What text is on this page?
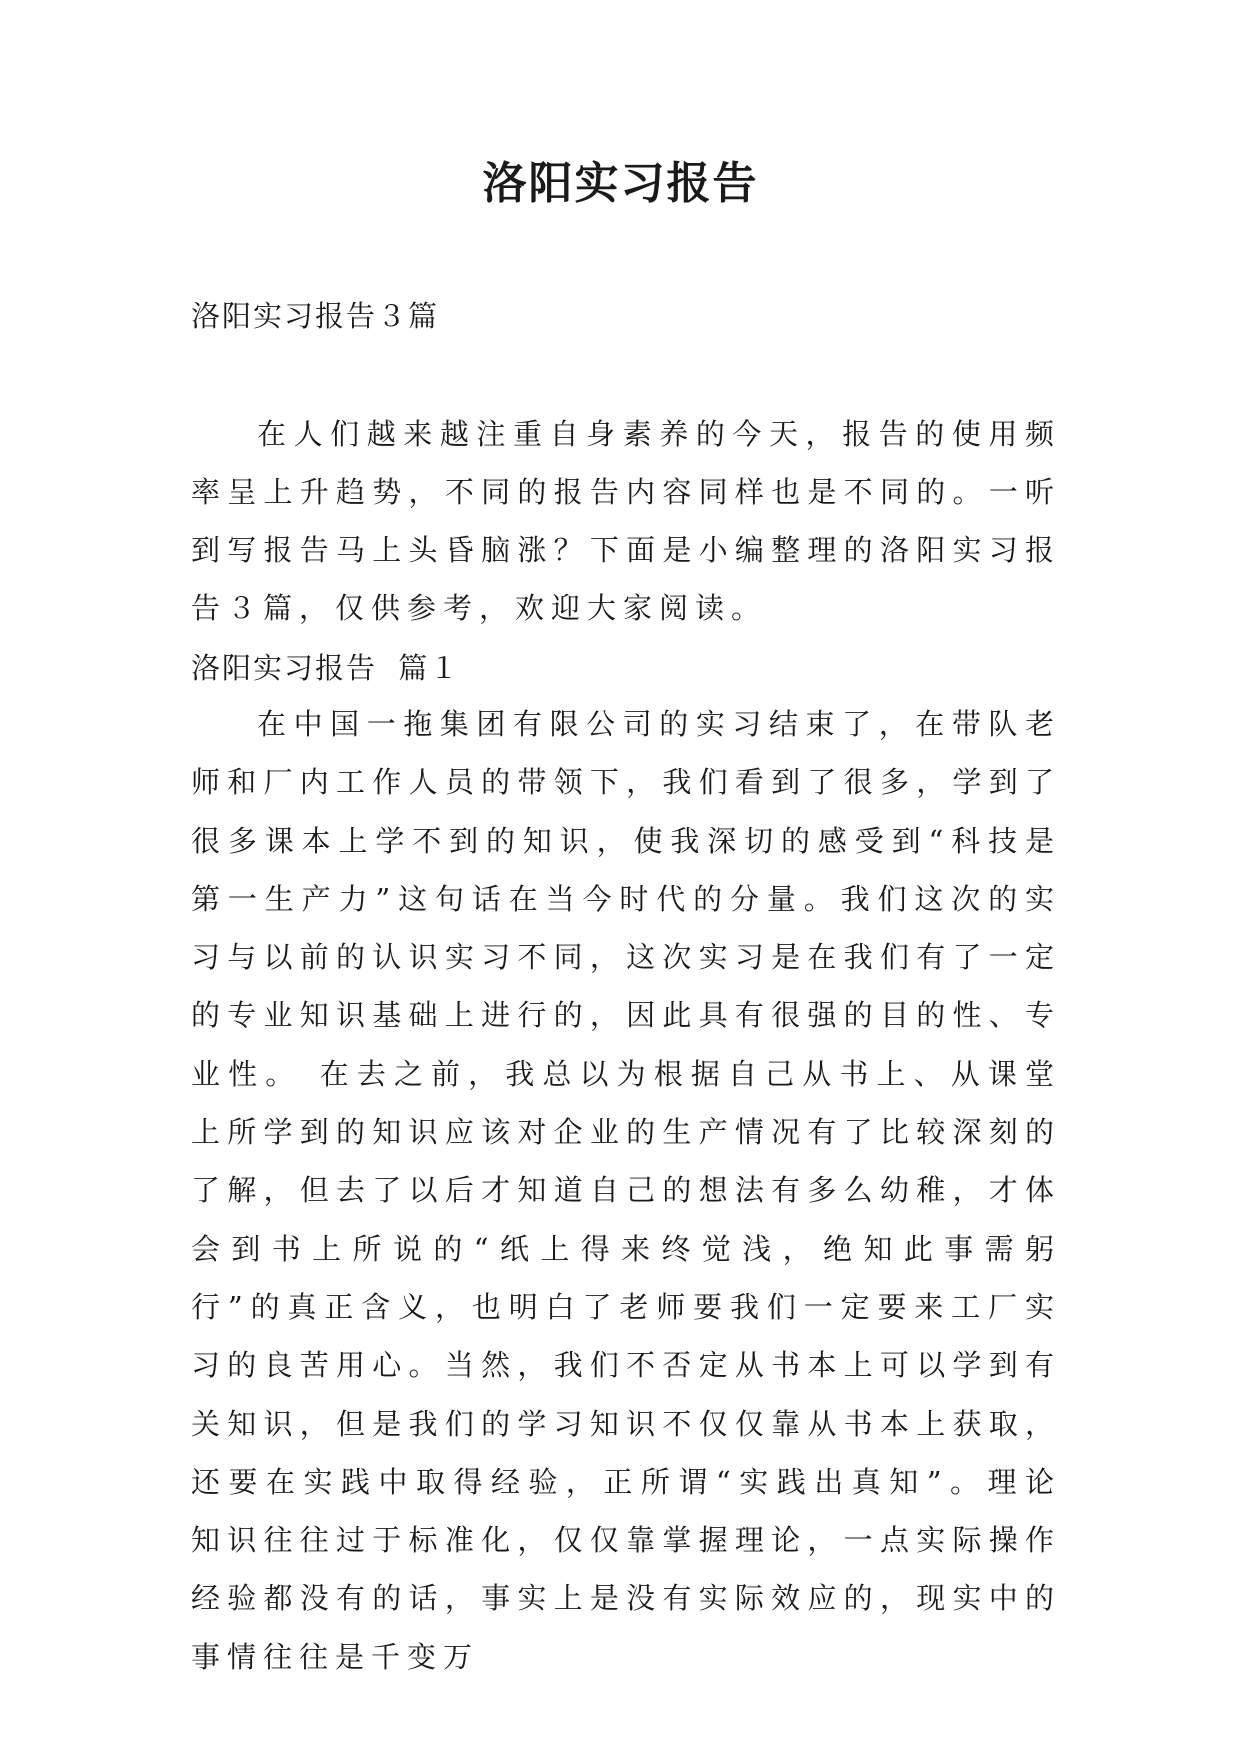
洛阳实习报告
洛阳实习报告３篇

在人们越来越注重自身素养的今天，报告的使用频率呈上升趋势，不同的报告内容同样也是不同的。一听到写报告马上头昏脑涨？下面是小编整理的洛阳实习报告３篇，仅供参考，欢迎大家阅读。

洛阳实习报告 篇１

在中国一拖集团有限公司的实习结束了，在带队老师和厂内工作人员的带领下，我们看到了很多，学到了很多课本上学不到的知识，使我深切的感受到“科技是第一生产力”这句话在当今时代的分量。我们这次的实习与以前的认识实习不同，这次实习是在我们有了一定的专业知识基础上进行的，因此具有很强的目的性、专业性。 在去之前，我总以为根据自己从书上、从课堂上所学到的知识应该对企业的生产情况有了比较深刻的了解，但去了以后才知道自己的想法有多么幼稚，才体会到书上所说的“纸上得来终觉浅，绝知此事需躬行”的真正含义，也明白了老师要我们一定要来工厂实习的良苦用心。当然，我们不否定从书本上可以学到有关知识，但是我们的学习知识不仅仅靠从书本上获取，还要在实践中取得经验，正所谓“实践出真知”。理论知识往往过于标准化，仅仅靠掌握理论，一点实际操作经验都没有的话，事实上是没有实际效应的，现实中的事情往往是千变万
